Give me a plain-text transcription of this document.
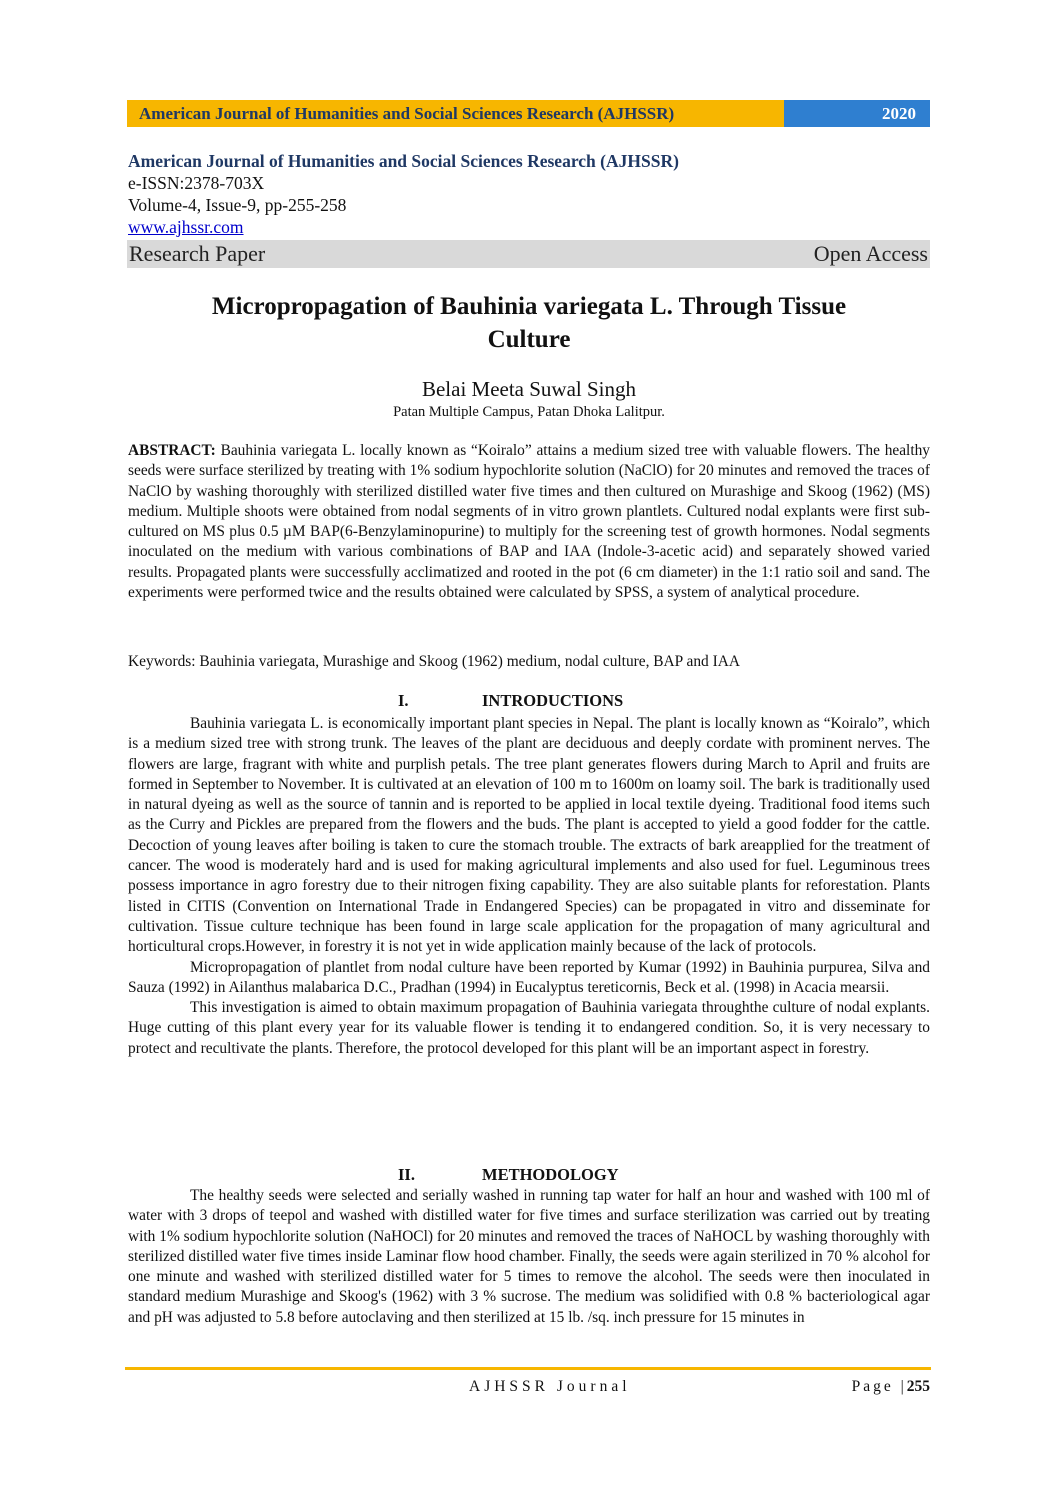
American Journal of Humanities and Social Sciences Research (AJHSSR)	2020
American Journal of Humanities and Social Sciences Research (AJHSSR)
e-ISSN:2378-703X
Volume-4, Issue-9, pp-255-258
www.ajhssr.com
Research Paper	Open Access
Micropropagation of Bauhinia variegata L. Through Tissue
Culture
Belai Meeta Suwal Singh
Patan Multiple Campus, Patan Dhoka Lalitpur.

ABSTRACT: Bauhinia variegata L. locally known as “Koiralo” attains a medium sized tree with valuable flowers. The healthy seeds were surface sterilized by treating with 1% sodium hypochlorite solution (NaClO) for 20 minutes and removed the traces of NaClO by washing thoroughly with sterilized distilled water five times and then cultured on Murashige and Skoog (1962) (MS) medium. Multiple shoots were obtained from nodal segments of in vitro grown plantlets. Cultured nodal explants were first sub-cultured on MS plus 0.5 µM BAP(6-Benzylaminopurine) to multiply for the screening test of growth hormones. Nodal segments inoculated on the medium with various combinations of BAP and IAA (Indole-3-acetic acid) and separately showed varied results. Propagated plants were successfully acclimatized and rooted in the pot (6 cm diameter) in the 1:1 ratio soil and sand. The experiments were performed twice and the results obtained were calculated by SPSS, a system of analytical procedure.

Keywords: Bauhinia variegata, Murashige and Skoog (1962) medium, nodal culture, BAP and IAA
I.	INTRODUCTIONS

Bauhinia variegata L. is economically important plant species in Nepal. The plant is locally known as “Koiralo”, which is a medium sized tree with strong trunk. The leaves of the plant are deciduous and deeply cordate with prominent nerves. The flowers are large, fragrant with white and purplish petals. The tree plant generates flowers during March to April and fruits are formed in September to November. It is cultivated at an elevation of 100 m to 1600m on loamy soil. The bark is traditionally used in natural dyeing as well as the source of tannin and is reported to be applied in local textile dyeing. Traditional food items such as the Curry and Pickles are prepared from the flowers and the buds. The plant is accepted to yield a good fodder for the cattle. Decoction of young leaves after boiling is taken to cure the stomach trouble. The extracts of bark areapplied for the treatment of cancer. The wood is moderately hard and is used for making agricultural implements and also used for fuel. Leguminous trees possess importance in agro forestry due to their nitrogen fixing capability. They are also suitable plants for reforestation. Plants listed in CITIS (Convention on International Trade in Endangered Species) can be propagated in vitro and disseminate for cultivation. Tissue culture technique has been found in large scale application for the propagation of many agricultural and horticultural crops.However, in forestry it is not yet in wide application mainly because of the lack of protocols.

Micropropagation of plantlet from nodal culture have been reported by Kumar (1992) in Bauhinia purpurea, Silva and Sauza (1992) in Ailanthus malabarica D.C., Pradhan (1994) in Eucalyptus tereticornis, Beck et al. (1998) in Acacia mearsii.

This investigation is aimed to obtain maximum propagation of Bauhinia variegata throughthe culture of nodal explants. Huge cutting of this plant every year for its valuable flower is tending it to endangered condition. So, it is very necessary to protect and recultivate the plants. Therefore, the protocol developed for this plant will be an important aspect in forestry.

II.	METHODOLOGY

The healthy seeds were selected and serially washed in running tap water for half an hour and washed with 100 ml of water with 3 drops of teepol and washed with distilled water for five times and surface sterilization was carried out by treating with 1% sodium hypochlorite solution (NaHOCl) for 20 minutes and removed the traces of NaHOCL by washing thoroughly with sterilized distilled water five times inside Laminar flow hood chamber. Finally, the seeds were again sterilized in 70 % alcohol for one minute and washed with sterilized distilled water for 5 times to remove the alcohol. The seeds were then inoculated in standard medium Murashige and Skoog's (1962) with 3 % sucrose. The medium was solidified with 0.8 % bacteriological agar and pH was adjusted to 5.8 before autoclaving and then sterilized at 15 lb. /sq. inch pressure for 15 minutes in

AJHSSR Journal	Page |255
